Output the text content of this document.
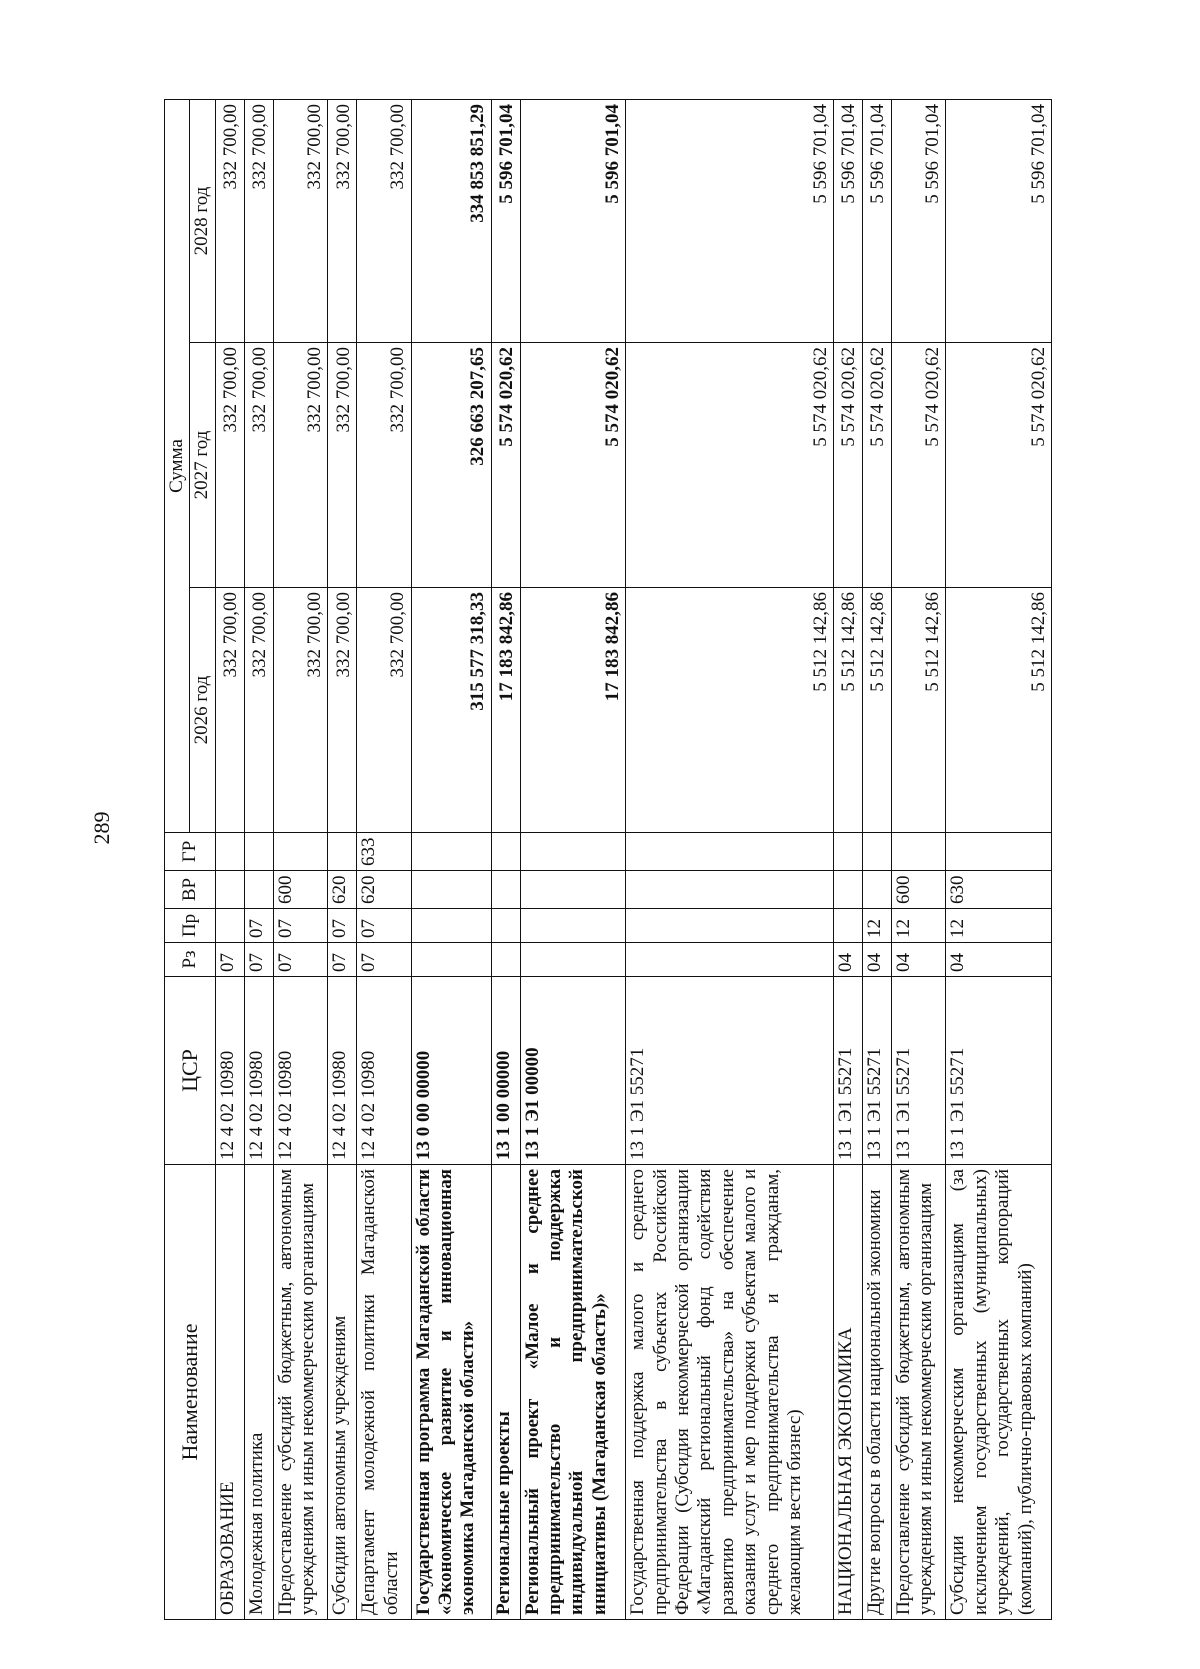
289
Наименование	ЦСР	Рз	Пр	ВР	ГР	Сумма		
						2026 год	2027 год	2028 год
ОБРАЗОВАНИЕ	12 4 02 10980	07				332 700,00	332 700,00	332 700,00
Молодежная политика	12 4 02 10980	07	07			332 700,00	332 700,00	332 700,00
Предоставление субсидий бюджетным, автономным учреждениям и иным некоммерческим организациям	12 4 02 10980	07	07	600		332 700,00	332 700,00	332 700,00
Субсидии автономным учреждениям	12 4 02 10980	07	07	620		332 700,00	332 700,00	332 700,00
Департамент молодежной политики Магаданской области	12 4 02 10980	07	07	620	633	332 700,00	332 700,00	332 700,00
Государственная программа Магаданской области «Экономическое развитие и инновационная экономика Магаданской области»	13 0 00 00000					315 577 318,33	326 663 207,65	334 853 851,29
Региональные проекты	13 1 00 00000					17 183 842,86	5 574 020,62	5 596 701,04
Региональный проект «Малое и среднее предпринимательство и поддержка индивидуальной предпринимательской инициативы (Магаданская область)»	13 1 Э1 00000					17 183 842,86	5 574 020,62	5 596 701,04
Государственная поддержка малого и среднего предпринимательства в субъектах Российской Федерации (Субсидия некоммерческой организации «Магаданский региональный фонд содействия развитию предпринимательства» на обеспечение оказания услуг и мер поддержки субъектам малого и среднего предпринимательства и гражданам, желающим вести бизнес)	13 1 Э1 55271					5 512 142,86	5 574 020,62	5 596 701,04
НАЦИОНАЛЬНАЯ ЭКОНОМИКА	13 1 Э1 55271	04				5 512 142,86	5 574 020,62	5 596 701,04
Другие вопросы в области национальной экономики	13 1 Э1 55271	04	12			5 512 142,86	5 574 020,62	5 596 701,04
Предоставление субсидий бюджетным, автономным учреждениям и иным некоммерческим организациям	13 1 Э1 55271	04	12	600		5 512 142,86	5 574 020,62	5 596 701,04
Субсидии некоммерческим организациям (за исключением государственных (муниципальных) учреждений, государственных корпораций (компаний), публично-правовых компаний)	13 1 Э1 55271	04	12	630		5 512 142,86	5 574 020,62	5 596 701,04
